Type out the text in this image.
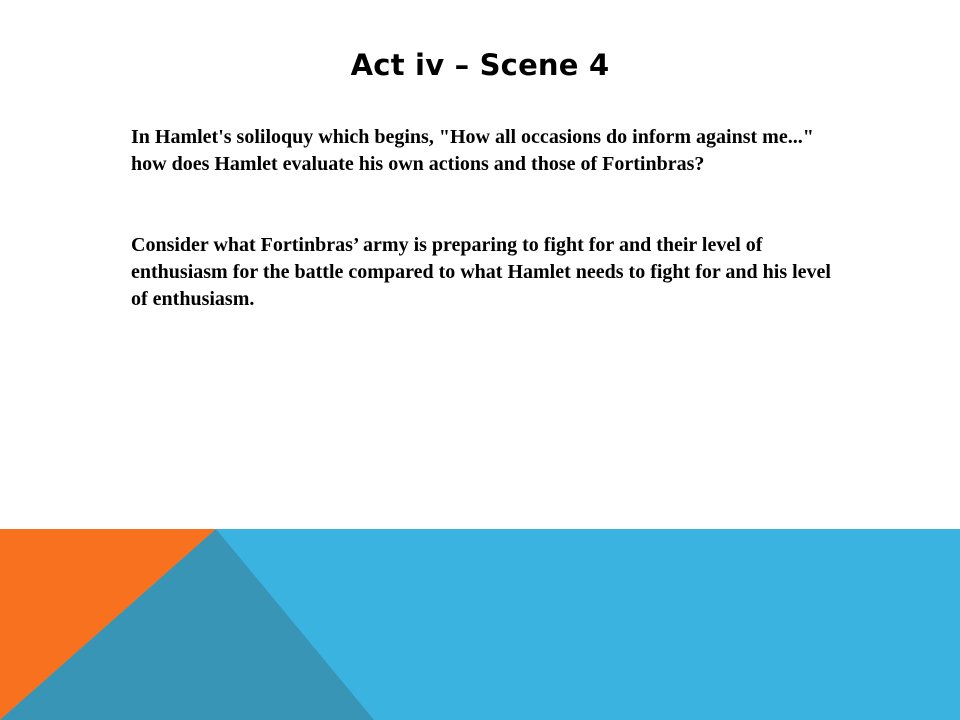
Act iv – Scene 4

In Hamlet's soliloquy which begins, "How all occasions do inform against me..." how does Hamlet evaluate his own actions and those of Fortinbras?

Consider what Fortinbras’ army is preparing to fight for and their level of enthusiasm for the battle compared to what Hamlet needs to fight for and his level of enthusiasm.
